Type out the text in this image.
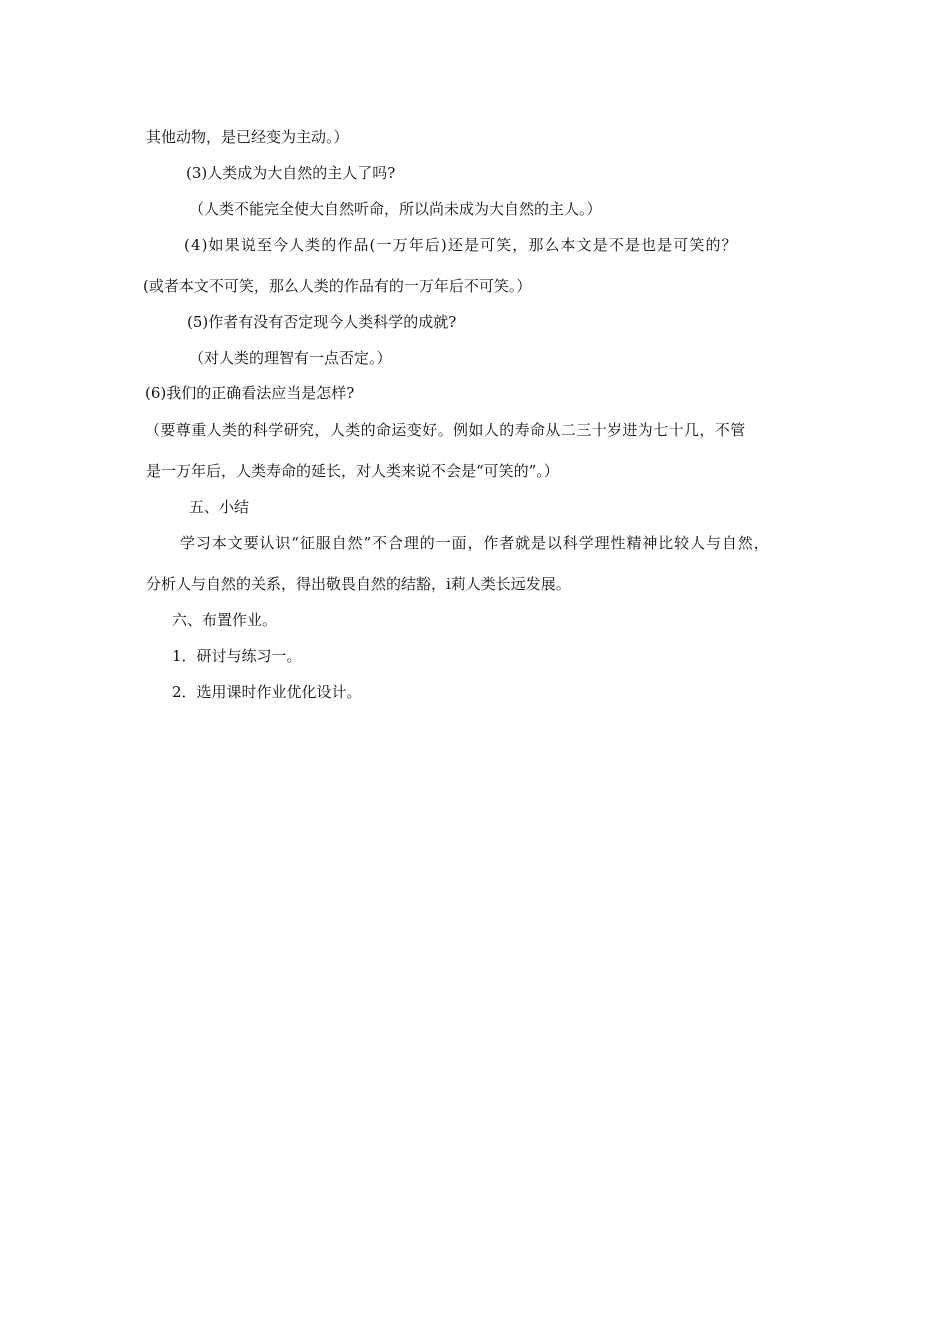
其他动物，是已经变为主动。）
(3)人类成为大自然的主人了吗?
（人类不能完全使大自然听命，所以尚未成为大自然的主人。）
(4)如果说至今人类的作品(一万年后)还是可笑，那么本文是不是也是可笑的？
(或者本文不可笑，那么人类的作品有的一万年后不可笑。）
(5)作者有没有否定现今人类科学的成就?
（对人类的理智有一点否定。）
(6)我们的正确看法应当是怎样?
（要尊重人类的科学研究，人类的命运变好。例如人的寿命从二三十岁进为七十几，不管
是一万年后，人类寿命的延长，对人类来说不会是“可笑的”。）
五、小结
学习本文要认识“征服自然”不合理的一面，作者就是以科学理性精神比较人与自然，
分析人与自然的关系，得出敬畏自然的结豁，i莉人类长远发展。
六、布置作业。
1．研讨与练习一。
2．选用课时作业优化设计。
